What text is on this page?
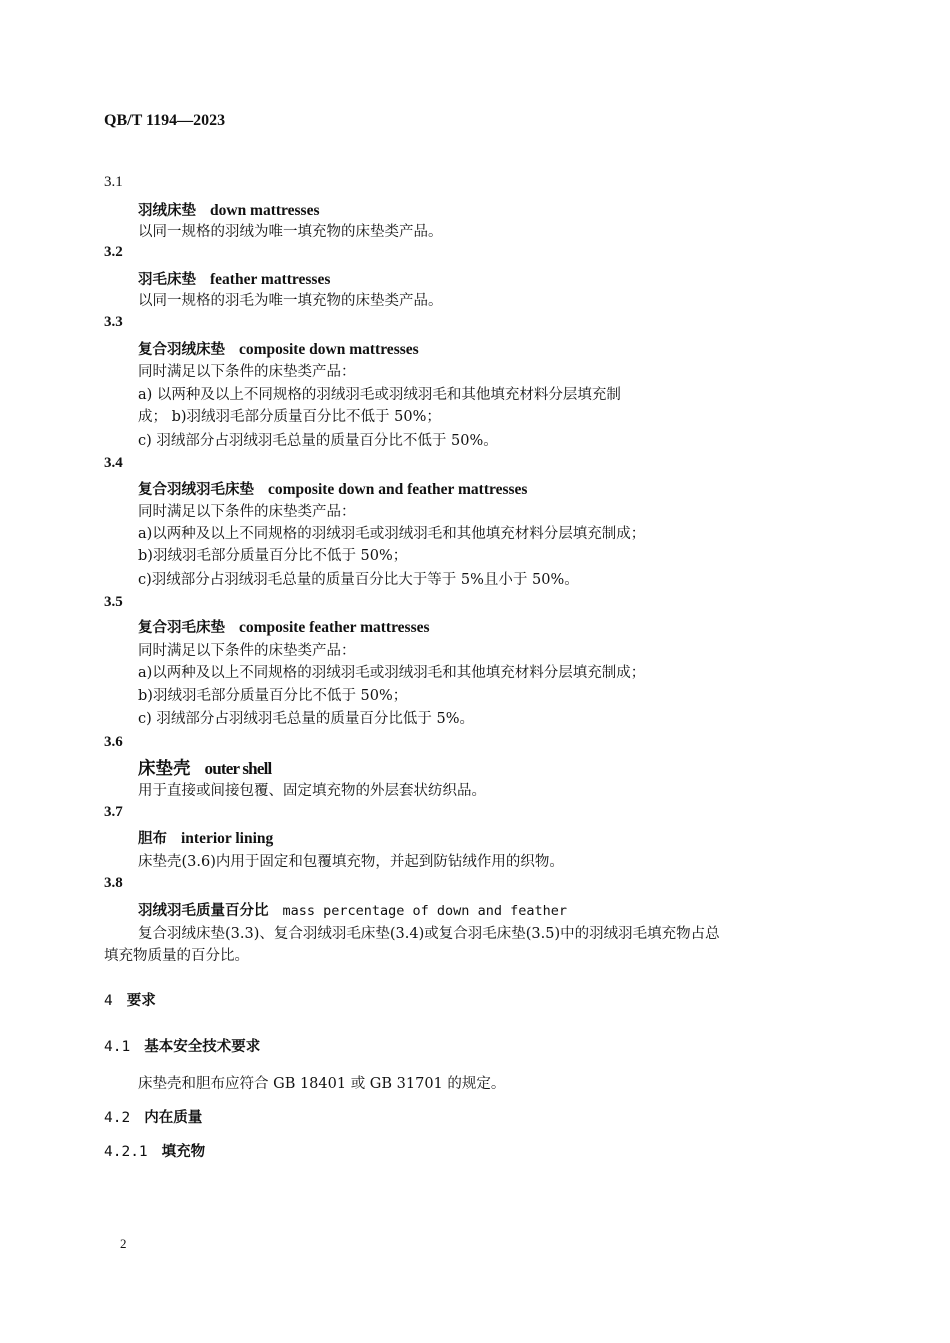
QB/T 1194—2023
3.1
羽绒床垫 down mattresses
以同一规格的羽绒为唯一填充物的床垫类产品。
3.2
羽毛床垫 feather mattresses
以同一规格的羽毛为唯一填充物的床垫类产品。
3.3
复合羽绒床垫 composite down mattresses
同时满足以下条件的床垫类产品：
a) 以两种及以上不同规格的羽绒羽毛或羽绒羽毛和其他填充材料分层填充制
成； b)羽绒羽毛部分质量百分比不低于 50%；
c) 羽绒部分占羽绒羽毛总量的质量百分比不低于 50%。
3.4
复合羽绒羽毛床垫 composite down and feather mattresses
同时满足以下条件的床垫类产品：
a)以两种及以上不同规格的羽绒羽毛或羽绒羽毛和其他填充材料分层填充制成；
b)羽绒羽毛部分质量百分比不低于 50%；
c)羽绒部分占羽绒羽毛总量的质量百分比大于等于 5%且小于 50%。
3.5
复合羽毛床垫 composite feather mattresses
同时满足以下条件的床垫类产品：
a)以两种及以上不同规格的羽绒羽毛或羽绒羽毛和其他填充材料分层填充制成；
b)羽绒羽毛部分质量百分比不低于 50%；
c) 羽绒部分占羽绒羽毛总量的质量百分比低于 5%。
3.6
床垫壳 outer shell
用于直接或间接包覆、固定填充物的外层套状纺织品。
3.7
胆布 interior lining
床垫壳(3.6)内用于固定和包覆填充物，并起到防钻绒作用的织物。
3.8
羽绒羽毛质量百分比 mass percentage of down and feather
复合羽绒床垫(3.3)、复合羽绒羽毛床垫(3.4)或复合羽毛床垫(3.5)中的羽绒羽毛填充物占总
填充物质量的百分比。
4 要求
4.1 基本安全技术要求
床垫壳和胆布应符合 GB 18401 或 GB 31701 的规定。
4.2 内在质量
4.2.1 填充物
2
